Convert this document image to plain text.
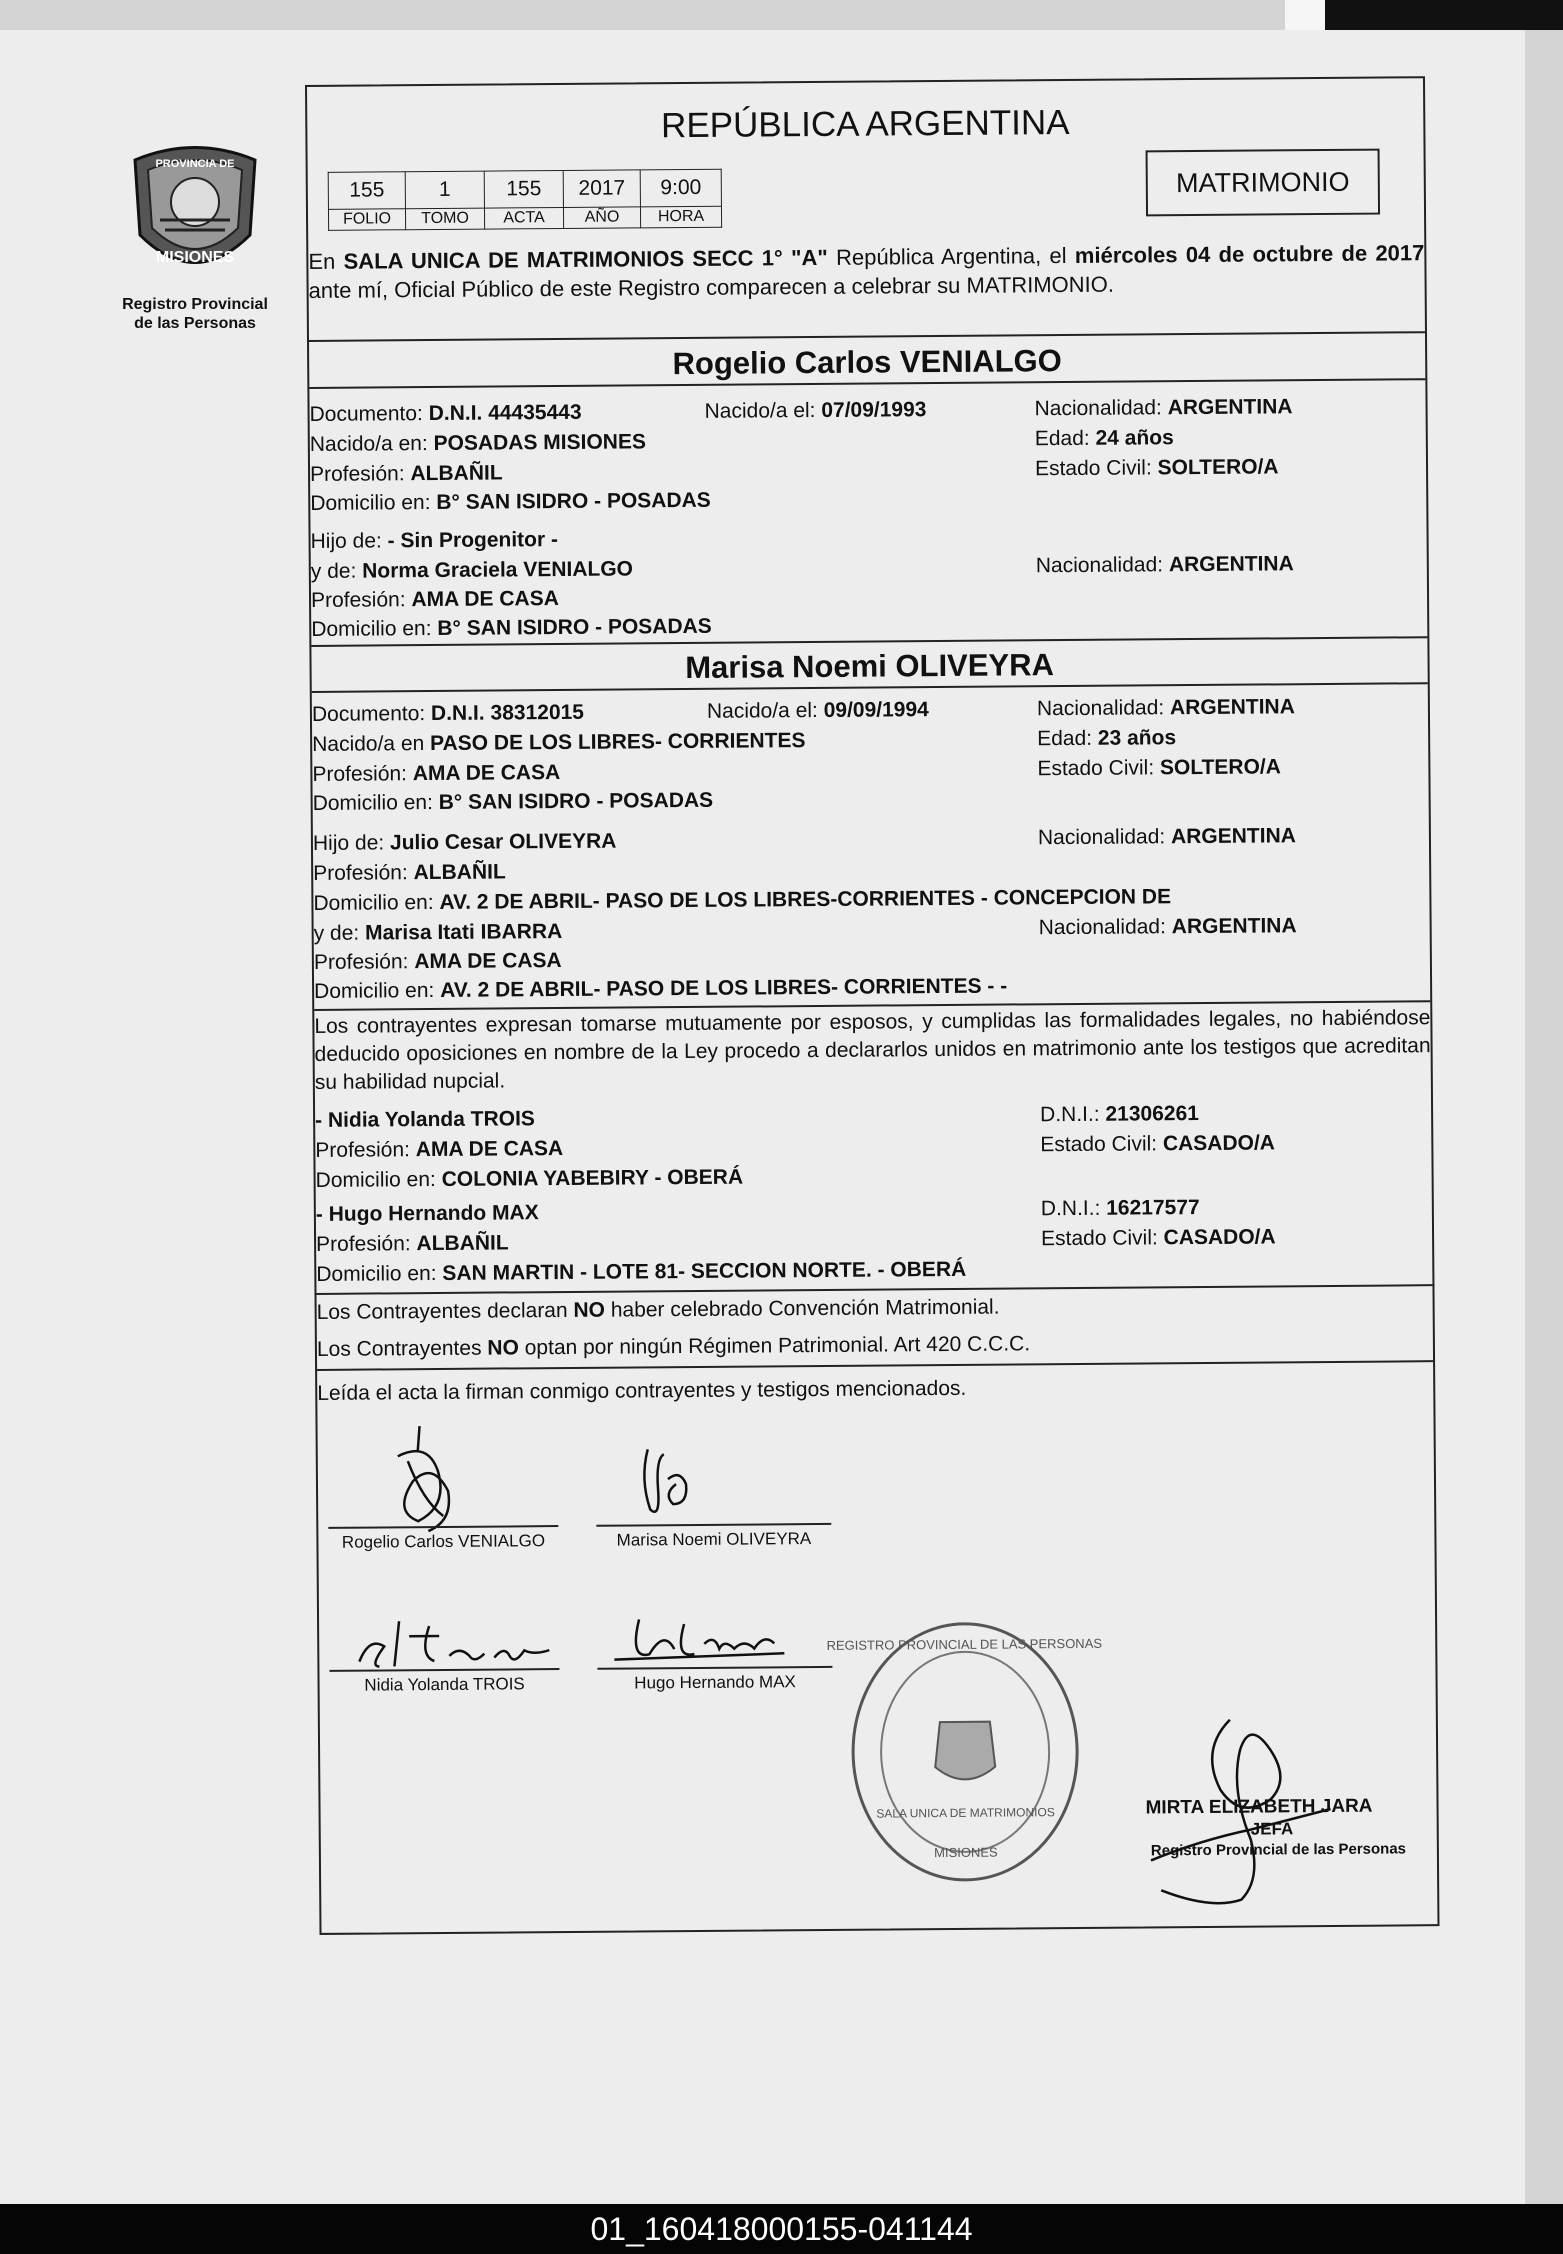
PROVINCIA DE
MISIONES
Registro Provincial
de las Personas
REPÚBLICA ARGENTINA
155	1	155	2017	9:00
FOLIO	TOMO	ACTA	AÑO	HORA
MATRIMONIO
En SALA UNICA DE MATRIMONIOS SECC 1° "A" República Argentina, el miércoles 04 de octubre de 2017 ante mí, Oficial Público de este Registro comparecen a celebrar su MATRIMONIO.
Rogelio Carlos VENIALGO
Documento: D.N.I. 44435443	Nacido/a el: 07/09/1993	Nacionalidad: ARGENTINA
Nacido/a en: POSADAS MISIONES	Edad: 24 años
Profesión: ALBAÑIL	Estado Civil: SOLTERO/A
Domicilio en: B° SAN ISIDRO - POSADAS
Hijo de: - Sin Progenitor -
y de: Norma Graciela VENIALGO	Nacionalidad: ARGENTINA
Profesión: AMA DE CASA
Domicilio en: B° SAN ISIDRO - POSADAS
Marisa Noemi OLIVEYRA
Documento: D.N.I. 38312015	Nacido/a el: 09/09/1994	Nacionalidad: ARGENTINA
Nacido/a en PASO DE LOS LIBRES- CORRIENTES	Edad: 23 años
Profesión: AMA DE CASA	Estado Civil: SOLTERO/A
Domicilio en: B° SAN ISIDRO - POSADAS
Hijo de: Julio Cesar OLIVEYRA	Nacionalidad: ARGENTINA
Profesión: ALBAÑIL
Domicilio en: AV. 2 DE ABRIL- PASO DE LOS LIBRES-CORRIENTES - CONCEPCION DE
y de: Marisa Itati IBARRA	Nacionalidad: ARGENTINA
Profesión: AMA DE CASA
Domicilio en: AV. 2 DE ABRIL- PASO DE LOS LIBRES- CORRIENTES - -
Los contrayentes expresan tomarse mutuamente por esposos, y cumplidas las formalidades legales, no habiéndose deducido oposiciones en nombre de la Ley procedo a declararlos unidos en matrimonio ante los testigos que acreditan su habilidad nupcial.
- Nidia Yolanda TROIS	D.N.I.: 21306261
Profesión: AMA DE CASA	Estado Civil: CASADO/A
Domicilio en: COLONIA YABEBIRY - OBERÁ
- Hugo Hernando MAX	D.N.I.: 16217577
Profesión: ALBAÑIL	Estado Civil: CASADO/A
Domicilio en: SAN MARTIN - LOTE 81- SECCION NORTE. - OBERÁ
Los Contrayentes declaran NO haber celebrado Convención Matrimonial.
Los Contrayentes NO optan por ningún Régimen Patrimonial. Art 420 C.C.C.
Leída el acta la firman conmigo contrayentes y testigos mencionados.
Rogelio Carlos VENIALGO	Marisa Noemi OLIVEYRA
Nidia Yolanda TROIS	Hugo Hernando MAX
REGISTRO PROVINCIAL DE LAS PERSONAS
SALA UNICA DE MATRIMONIOS
MISIONES
MIRTA ELIZABETH JARA
JEFA
Registro Provincial de las Personas
01_160418000155-041144
